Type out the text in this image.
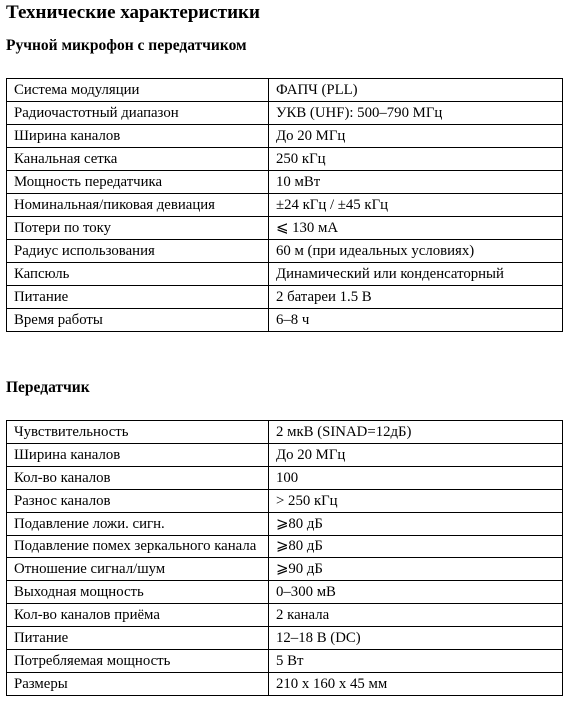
Технические характеристики
Ручной микрофон с передатчиком
Система модуляции	ФАПЧ (PLL)
Радиочастотный диапазон	УКВ (UHF): 500–790 МГц
Ширина каналов	До 20 МГц
Канальная сетка	250 кГц
Мощность передатчика	10 мВт
Номинальная/пиковая девиация	±24 кГц / ±45 кГц
Потери по току	⩽ 130 мА
Радиус использования	60 м (при идеальных условиях)
Капсюль	Динамический или конденсаторный
Питание	2 батареи 1.5 В
Время работы	6–8 ч
Передатчик
Чувствительность	2 мкВ (SINAD=12дБ)
Ширина каналов	До 20 МГц
Кол-во каналов	100
Разнос каналов	> 250 кГц
Подавление ложи. сигн.	⩾80 дБ
Подавление помех зеркального канала	⩾80 дБ
Отношение сигнал/шум	⩾90 дБ
Выходная мощность	0–300 мВ
Кол-во каналов приёма	2 канала
Питание	12–18 В (DC)
Потребляемая мощность	5 Вт
Размеры	210 x 160 x 45 мм
